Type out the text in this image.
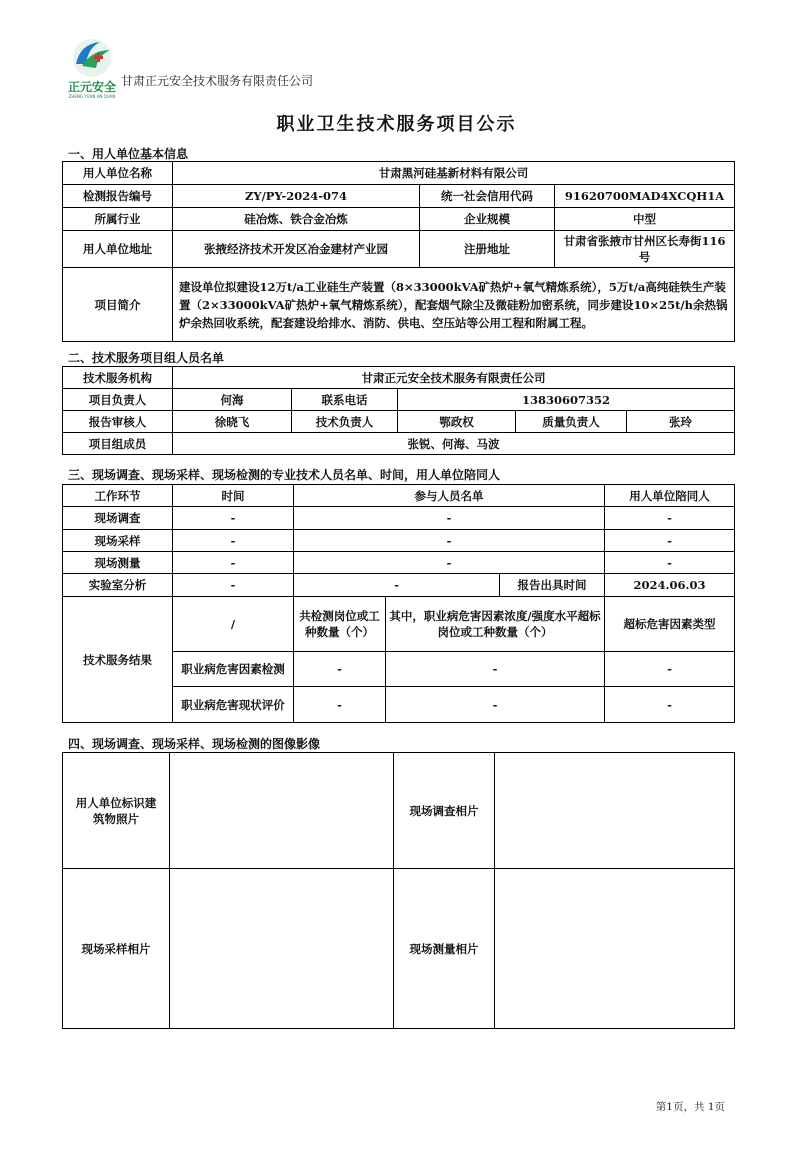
正元安全
ZHENG YUAN AN QUAN
甘肃正元安全技术服务有限责任公司
职业卫生技术服务项目公示
一、用人单位基本信息
用人单位名称	甘肃黑河硅基新材料有限公司		
检测报告编号	ZY/PY-2024-074	统一社会信用代码	91620700MAD4XCQH1A
所属行业	硅冶炼、铁合金冶炼	企业规模	中型
用人单位地址	张掖经济技术开发区冶金建材产业园	注册地址	甘肃省张掖市甘州区长寿街116号
项目简介	建设单位拟建设12万t/a工业硅生产装置（8×33000kVA矿热炉+氧气精炼系统），5万t/a高纯硅铁生产装置（2×33000kVA矿热炉+氧气精炼系统），配套烟气除尘及微硅粉加密系统，同步建设10×25t/h余热锅炉余热回收系统，配套建设给排水、消防、供电、空压站等公用工程和附属工程。		
二、技术服务项目组人员名单
技术服务机构	甘肃正元安全技术服务有限责任公司				
项目负责人	何海	联系电话	13830607352		
报告审核人	徐晓飞	技术负责人	鄂政权	质量负责人	张玲
项目组成员	张锐、何海、马波				
三、现场调查、现场采样、现场检测的专业技术人员名单、时间，用人单位陪同人
工作环节	时间	参与人员名单			用人单位陪同人
现场调查	-	-			-
现场采样	-	-			-
现场测量	-	-			-
实验室分析	-	-		报告出具时间	2024.06.03
技术服务结果	/	共检测岗位或工种数量（个）	其中，职业病危害因素浓度/强度水平超标岗位或工种数量（个）		超标危害因素类型
	职业病危害因素检测	-	-		-
	职业病危害现状评价	-	-		-
四、现场调查、现场采样、现场检测的图像影像
用人单位标识建筑物照片		现场调查相片	
现场采样相片		现场测量相片	
第1页，共 1页
